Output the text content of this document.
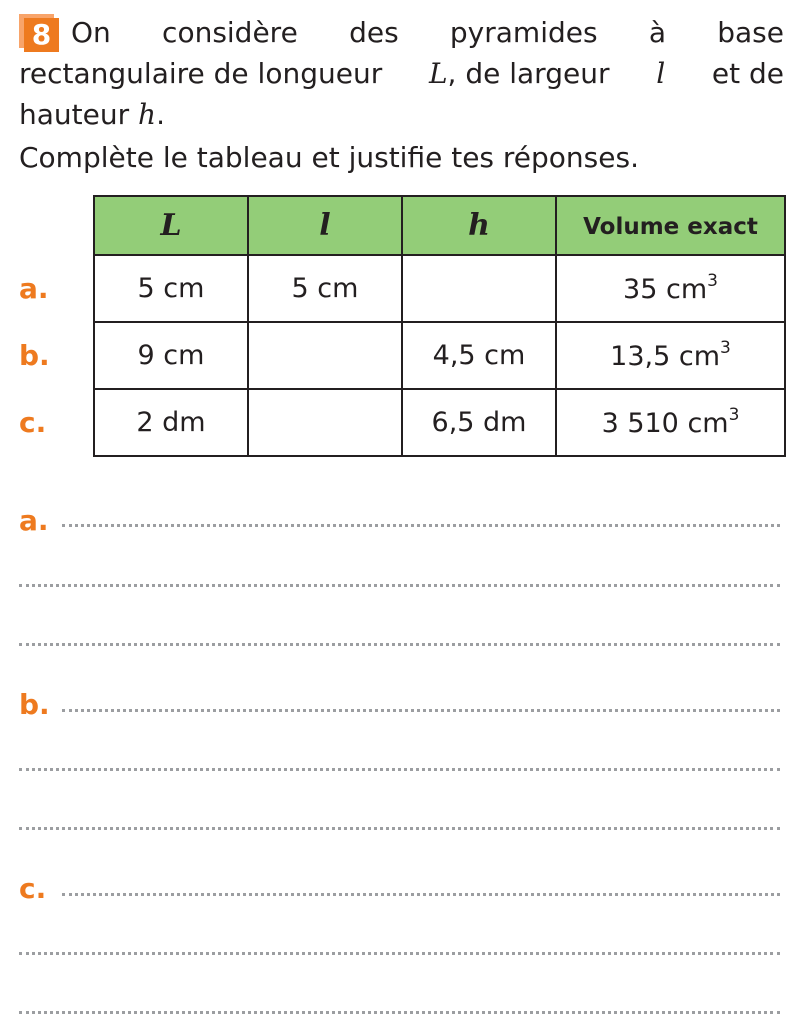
8 On considère des pyramides à base
rectangulaire de longueur L, de largeur l et de
hauteur h.

Complète le tableau et justifie tes réponses.

a.
b.
c.
L	l	h	Volume exact
5 cm	5 cm		35 $cm^3$
9 cm		4,5 cm	13,5 $cm^3$
2 dm		6,5 dm	3 510 $cm^3$
a.
b.
c.
